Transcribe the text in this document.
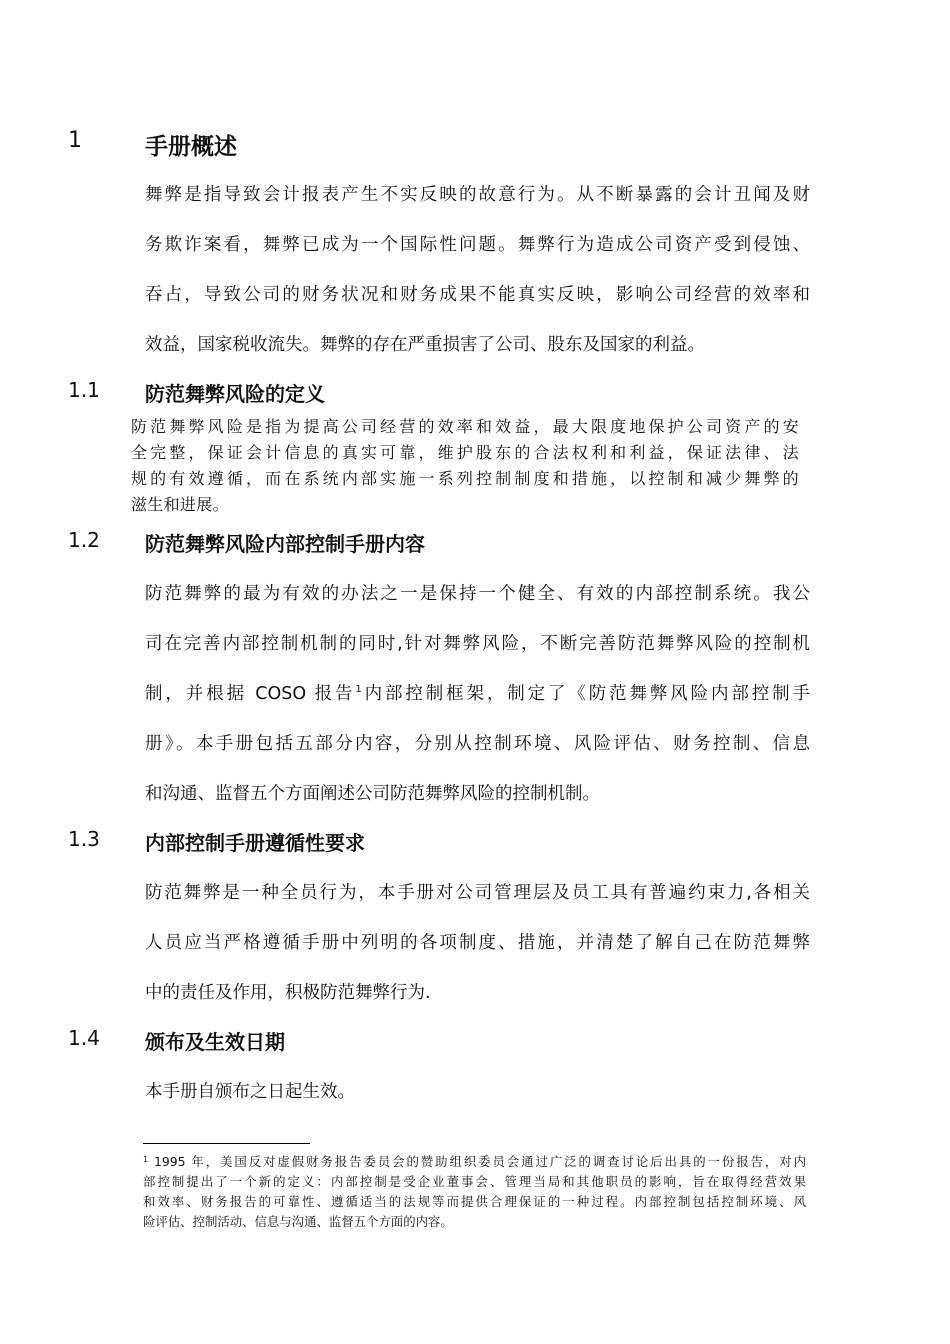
1	手册概述
舞弊是指导致会计报表产生不实反映的故意行为。从不断暴露的会计丑闻及财
务欺诈案看，舞弊已成为一个国际性问题。舞弊行为造成公司资产受到侵蚀、
吞占，导致公司的财务状况和财务成果不能真实反映，影响公司经营的效率和
效益，国家税收流失。舞弊的存在严重损害了公司、股东及国家的利益。
1.1 防范舞弊风险的定义
防范舞弊风险是指为提高公司经营的效率和效益，最大限度地保护公司资产的安
全完整，保证会计信息的真实可靠，维护股东的合法权利和利益，保证法律、法
规的有效遵循，而在系统内部实施一系列控制制度和措施，以控制和减少舞弊的
滋生和进展。
1.2 防范舞弊风险内部控制手册内容
防范舞弊的最为有效的办法之一是保持一个健全、有效的内部控制系统。我公
司在完善内部控制机制的同时,针对舞弊风险，不断完善防范舞弊风险的控制机
制，并根据 COSO 报告$^1$内部控制框架，制定了《防范舞弊风险内部控制手
册》。本手册包括五部分内容，分别从控制环境、风险评估、财务控制、信息
和沟通、监督五个方面阐述公司防范舞弊风险的控制机制。
1.3 内部控制手册遵循性要求
防范舞弊是一种全员行为，本手册对公司管理层及员工具有普遍约束力,各相关
人员应当严格遵循手册中列明的各项制度、措施，并清楚了解自己在防范舞弊
中的责任及作用，积极防范舞弊行为.
1.4 颁布及生效日期
本手册自颁布之日起生效。
$^1$ 1995 年，美国反对虚假财务报告委员会的赞助组织委员会通过广泛的调查讨论后出具的一份报告，对内
部控制提出了一个新的定义：内部控制是受企业董事会、管理当局和其他职员的影响，旨在取得经营效果
和效率、财务报告的可靠性、遵循适当的法规等而提供合理保证的一种过程。内部控制包括控制环境、风
险评估、控制活动、信息与沟通、监督五个方面的内容。
